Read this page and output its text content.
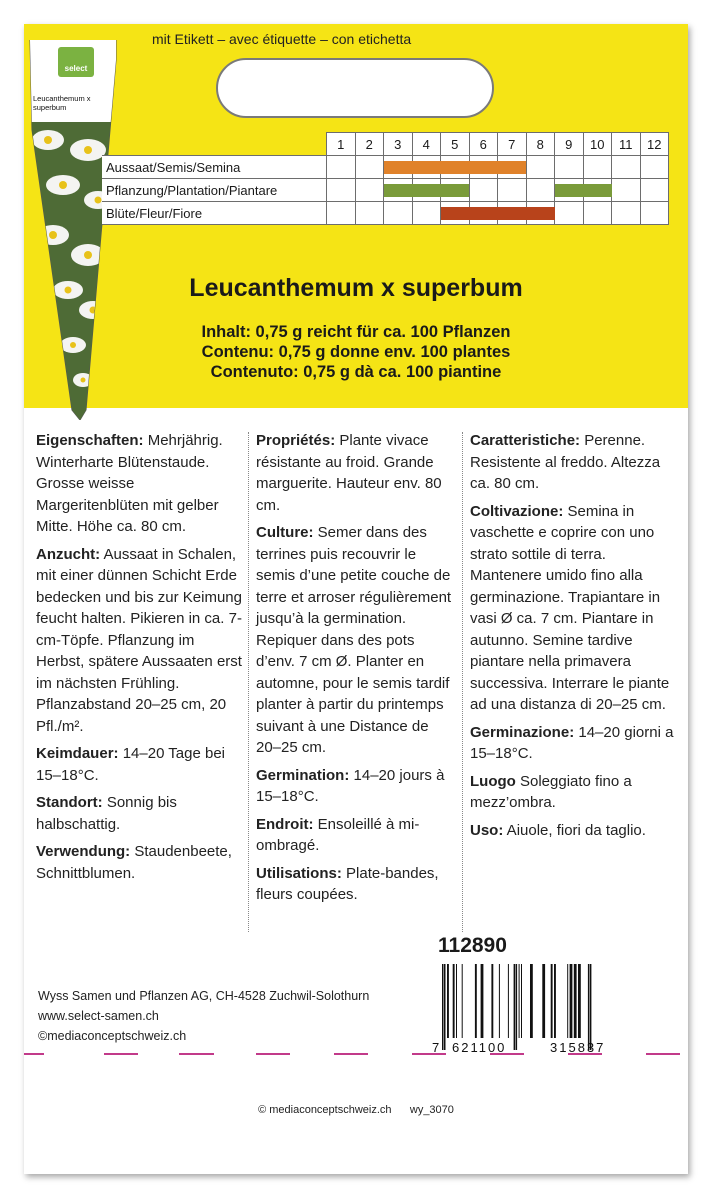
mit Etikett – avec étiquette – con etichetta
select
Leucanthemum x superbum
	1	2	3	4	5	6	7	8	9	10	11	12
Aussaat/Semis/Semina												
Pflanzung/Plantation/Piantare												
Blüte/Fleur/Fiore												
Leucanthemum x superbum
Inhalt: 0,75 g reicht für ca. 100 Pflanzen
Contenu: 0,75 g donne env. 100 plantes
Contenuto: 0,75 g dà ca. 100 piantine

Eigenschaften: Mehrjährig. Winterharte Blütenstaude. Grosse weisse Margeritenblüten mit gelber Mitte. Höhe ca. 80 cm.

Anzucht: Aussaat in Schalen, mit einer dünnen Schicht Erde bedecken und bis zur Keimung feucht halten. Pikieren in ca. 7-cm-Töpfe. Pflanzung im Herbst, spätere Aussaaten erst im nächsten Frühling. Pflanzabstand 20–25 cm, 20 Pfl./m².

Keimdauer: 14–20 Tage bei 15–18°C.

Standort: Sonnig bis halbschattig.

Verwendung: Staudenbeete, Schnittblumen.

Propriétés: Plante vivace résistante au froid. Grande marguerite. Hauteur env. 80 cm.

Culture: Semer dans des terrines puis recouvrir le semis d’une petite couche de terre et arroser régulièrement jusqu’à la germination. Repiquer dans des pots d’env. 7 cm Ø. Planter en automne, pour le semis tardif planter à partir du printemps suivant à une Distance de 20–25 cm.

Germination: 14–20 jours à 15–18°C.

Endroit: Ensoleillé à mi-ombragé.

Utilisations: Plate-bandes, fleurs coupées.

Caratteristiche: Perenne. Resistente al freddo. Altezza ca. 80 cm.

Coltivazione: Semina in vaschette e coprire con uno strato sottile di terra. Mantenere umido fino alla germinazione. Trapiantare in vasi Ø ca. 7 cm. Piantare in autunno. Semine tardive piantare nella primavera successiva. Interrare le piante ad una distanza di 20–25 cm.

Germinazione: 14–20 giorni a 15–18°C.

Luogo Soleggiato fino a mezz’ombra.

Uso: Aiuole, fiori da taglio.

112890
7 621100	315837
Wyss Samen und Pflanzen AG, CH-4528 Zuchwil-Solothurn
www.select-samen.ch
©mediaconceptschweiz.ch
© mediaconceptschweiz.ch wy_3070
